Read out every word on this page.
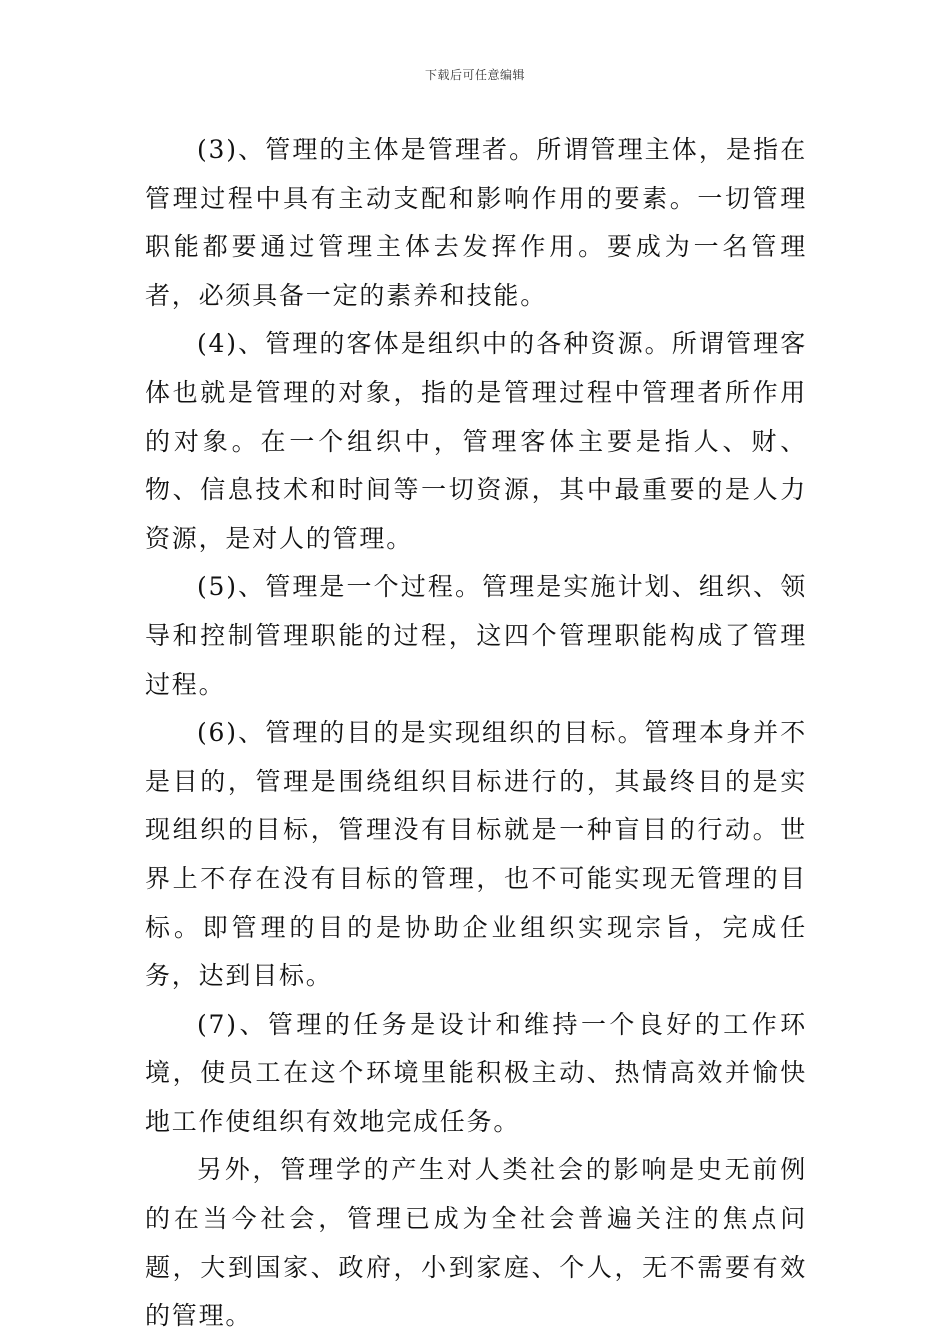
下载后可任意编辑

(3)、管理的主体是管理者。所谓管理主体，是指在管理过程中具有主动支配和影响作用的要素。一切管理职能都要通过管理主体去发挥作用。要成为一名管理者，必须具备一定的素养和技能。

(4)、管理的客体是组织中的各种资源。所谓管理客体也就是管理的对象，指的是管理过程中管理者所作用的对象。在一个组织中，管理客体主要是指人、财、物、信息技术和时间等一切资源，其中最重要的是人力资源，是对人的管理。

(5)、管理是一个过程。管理是实施计划、组织、领导和控制管理职能的过程，这四个管理职能构成了管理过程。

(6)、管理的目的是实现组织的目标。管理本身并不是目的，管理是围绕组织目标进行的，其最终目的是实现组织的目标，管理没有目标就是一种盲目的行动。世界上不存在没有目标的管理，也不可能实现无管理的目标。即管理的目的是协助企业组织实现宗旨，完成任务，达到目标。

(7)、管理的任务是设计和维持一个良好的工作环境，使员工在这个环境里能积极主动、热情高效并愉快地工作使组织有效地完成任务。

另外，管理学的产生对人类社会的影响是史无前例的在当今社会，管理已成为全社会普遍关注的焦点问题，大到国家、政府，小到家庭、个人，无不需要有效的管理。
